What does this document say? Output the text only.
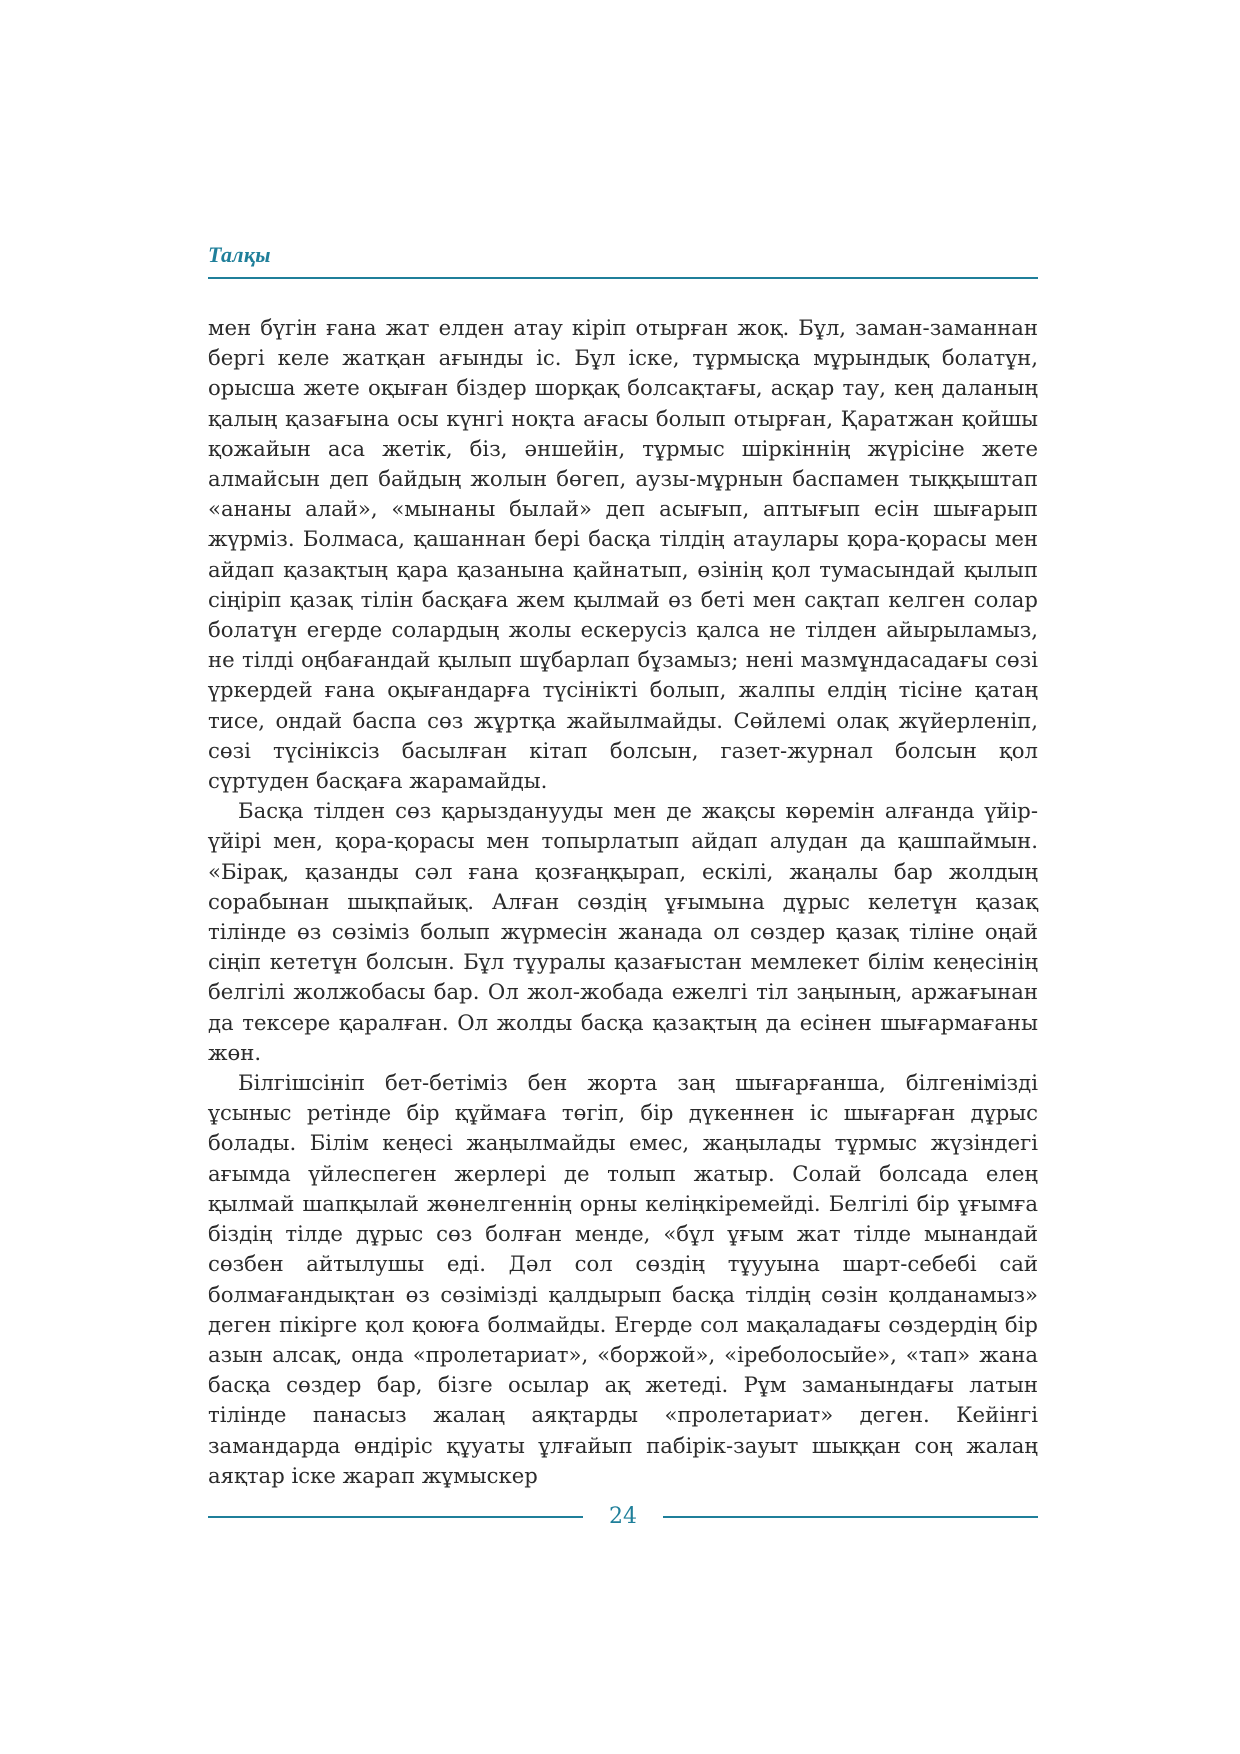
Талқы

мен бүгін ғана жат елден атау кіріп отырған жоқ. Бұл, заман-заманнан бергі келе жатқан ағынды іс. Бұл іске, тұрмысқа мұрындық болатұн, орысша жете оқыған біздер шорқақ болсақтағы, асқар тау, кең даланың қалың қазағына осы күнгі ноқта ағасы болып отырған, Қаратжан қойшы қожайын аса жетік, біз, әншейін, тұрмыс шіркіннің жүрісіне жете алмайсын деп байдың жолын бөгеп, аузы-мұрнын баспамен тыққыштап «ананы алай», «мынаны былай» деп асығып, аптығып есін шығарып жүрміз. Болмаса, қашаннан бері басқа тілдің атаулары қора-қорасы мен айдап қазақтың қара қазанына қайнатып, өзінің қол тумасындай қылып сіңіріп қазақ тілін басқаға жем қылмай өз беті мен сақтап келген солар болатұн егерде солардың жолы ескерусіз қалса не тілден айырыламыз, не тілді оңбағандай қылып шұбарлап бұзамыз; нені мазмұндасадағы сөзі үркердей ғана оқығандарға түсінікті болып, жалпы елдің тісіне қатаң тисе, ондай баспа сөз жұртқа жайылмайды. Сөйлемі олақ жүйерленіп, сөзі түсініксіз басылған кітап болсын, газет-журнал болсын қол сүртуден басқаға жарамайды.

Басқа тілден сөз қарызданууды мен де жақсы көремін алғанда үйір-үйірі мен, қора-қорасы мен топырлатып айдап алудан да қашпаймын. «Бірақ, қазанды сәл ғана қозғаңқырап, ескілі, жаңалы бар жолдың сорабынан шықпайық. Алған сөздің ұғымына дұрыс келетұн қазақ тілінде өз сөзіміз болып жүрмесін жанада ол сөздер қазақ тіліне оңай сіңіп кететұн болсын. Бұл тұуралы қазағыстан мемлекет білім кеңесінің белгілі жолжобасы бар. Ол жол-жобада ежелгі тіл заңының, аржағынан да тексере қаралған. Ол жолды басқа қазақтың да есінен шығармағаны жөн.

Білгішсініп бет-бетіміз бен жорта заң шығарғанша, білгенімізді ұсыныс ретінде бір құймаға төгіп, бір дүкеннен іс шығарған дұрыс болады. Білім кеңесі жаңылмайды емес, жаңылады тұрмыс жүзіндегі ағымда үйлеспеген жерлері де толып жатыр. Солай болсада елең қылмай шапқылай жөнелгеннің орны келіңкіремейді. Белгілі бір ұғымға біздің тілде дұрыс сөз болған менде, «бұл ұғым жат тілде мынандай сөзбен айтылушы еді. Дәл сол сөздің тұууына шарт-себебі сай болмағандықтан өз сөзімізді қалдырып басқа тілдің сөзін қолданамыз» деген пікірге қол қоюға болмайды. Егерде сол мақаладағы сөздердің бір азын алсақ, онда «пролетариат», «боржой», «іреболосыйе», «тап» жана басқа сөздер бар, бізге осылар ақ жетеді. Рұм заманындағы латын тілінде панасыз жалаң аяқтарды «пролетариат» деген. Кейінгі замандарда өндіріс құуаты ұлғайып пабірік-зауыт шыққан соң жалаң аяқтар іске жарап жұмыскер

24
